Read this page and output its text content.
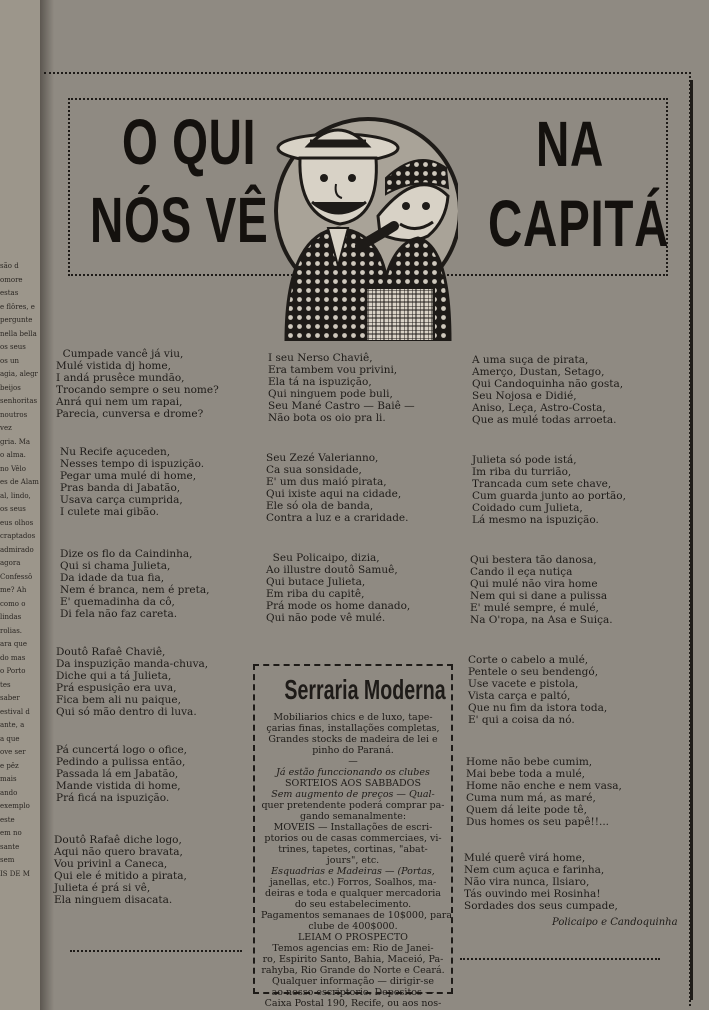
são d
omore
estas
e flôres, e
pergunte
nella bella
os seus
os un
agia, alegr
beijos
senhoritas
noutros
vez
gria. Ma
o alma.
no Vêlo
es de Alam
al, lindo,
os seus
eus olhos
craptados
admirado
agora
Confessô
me? Ah
como o
lindas
rolias.
ara que
do mas
o Porto
tes
saber
estival d
ante, a
a que
ove ser
e pêz
mais
ando
exemplo
este
em no
sante
sem
IS DE M
O QUI
NÓS VÊ
NA
CAPITÁ

Cumpade vancê já viu,
Mulé vistida dj home,
I andá prusêce mundão,
Trocando sempre o seu nome?
Anrá qui nem um rapai,
Parecia, cunversa e drome?

Nu Recife açuceden,
Nesses tempo di ispuzição.
Pegar uma mulé di home,
Pras banda di Jabatão,
Usava carça cumprida,
I culete mai gibão.

Dize os flo da Caindinha,
Qui si chama Julieta,
Da idade da tua fia,
Nem é branca, nem é preta,
E' quemadinha da cô,
Di fela não faz careta.

Doutô Rafaê Chaviê,
Da inspuzição manda-chuva,
Diche qui a tá Julieta,
Prá espusição era uva,
Fica bem ali nu paique,
Qui só mão dentro di luva.

Pá cuncertá logo o ofice,
Pedindo a pulissa então,
Passada lá em Jabatão,
Mande vistida di home,
Prá ficá na ispuzição.

Doutô Rafaê diche logo,
Aqui não quero bravata,
Vou privinl a Caneca,
Qui ele é mitido a pirata,
Julieta é prá si vê,
Ela ninguem disacata.

I seu Nerso Chaviê,
Era tambem vou privini,
Ela tá na ispuzição,
Qui ninguem pode buli,
Seu Mané Castro — Baiê —
Não bota os oio pra li.

Seu Zezé Valerianno,
Ca sua sonsidade,
E' um dus maió pirata,
Qui ixiste aqui na cidade,
Ele só ola de banda,
Contra a luz e a craridade.

Seu Policaipo, dizia,
Ao illustre doutô Samuê,
Qui butace Julieta,
Em riba du capitê,
Prá mode os home danado,
Qui não pode vê mulé.

A uma suça de pirata,
Amerço, Dustan, Setago,
Qui Candoquinha não gosta,
Seu Nojosa e Didié,
Aniso, Leça, Astro-Costa,
Que as mulé todas arroeta.

Julieta só pode istá,
Im riba du turrião,
Trancada cum sete chave,
Cum guarda junto ao portão,
Coidado cum Julieta,
Lá mesmo na ispuzição.

Qui bestera tão danosa,
Cando il eça nutiça
Qui mulé não vira home
Nem qui si dane a pulissa
E' mulé sempre, é mulé,
Na O'ropa, na Asa e Suiça.

Corte o cabelo a mulé,
Pentele o seu bendengó,
Use vacete e pistola,
Vista carça e paltó,
Que nu fim da istora toda,
E' qui a coisa da nó.

Home não bebe cumim,
Mai bebe toda a mulé,
Home não enche e nem vasa,
Cuma num má, as maré,
Quem dá leite pode tê,
Dus homes os seu papê!!...

Mulé querê virá home,
Nem cum açuca e farinha,
Não vira nunca, Ilsiaro,
Tás ouvindo mei Rosinha!
Sordades dos seus cumpade,

Policaipo e Candoquinha
Serraria Moderna
Mobiliarios chics e de luxo, tape-
çarias finas, installações completas,
Grandes stocks de madeira de lei e
pinho do Paraná.
—
Já estão funccionando os clubes
SORTEIOS AOS SABBADOS
Sem augmento de preços — Qual-
quer pretendente poderá comprar pa-
gando semanalmente:
MOVEIS — Installações de escri-
ptorios ou de casas commerciaes, vi-
trines, tapetes, cortinas, "abat-
jours", etc.
Esquadrias e Madeiras — (Portas,
janellas, etc.) Forros, Soalhos, ma-
deiras e toda e qualquer mercadoria
do seu estabelecimento.
Pagamentos semanaes de 10$000, para
clube de 400$000.
LEIAM O PROSPECTO
Temos agencias em: Rio de Janei-
ro, Espirito Santo, Bahia, Maceió, Pa-
rahyba, Rio Grande do Norte e Ceará.
Qualquer informação — dirigir-se
ao nosso escriptorio. Depositos —
Caixa Postal 190, Recife, ou aos nos-
